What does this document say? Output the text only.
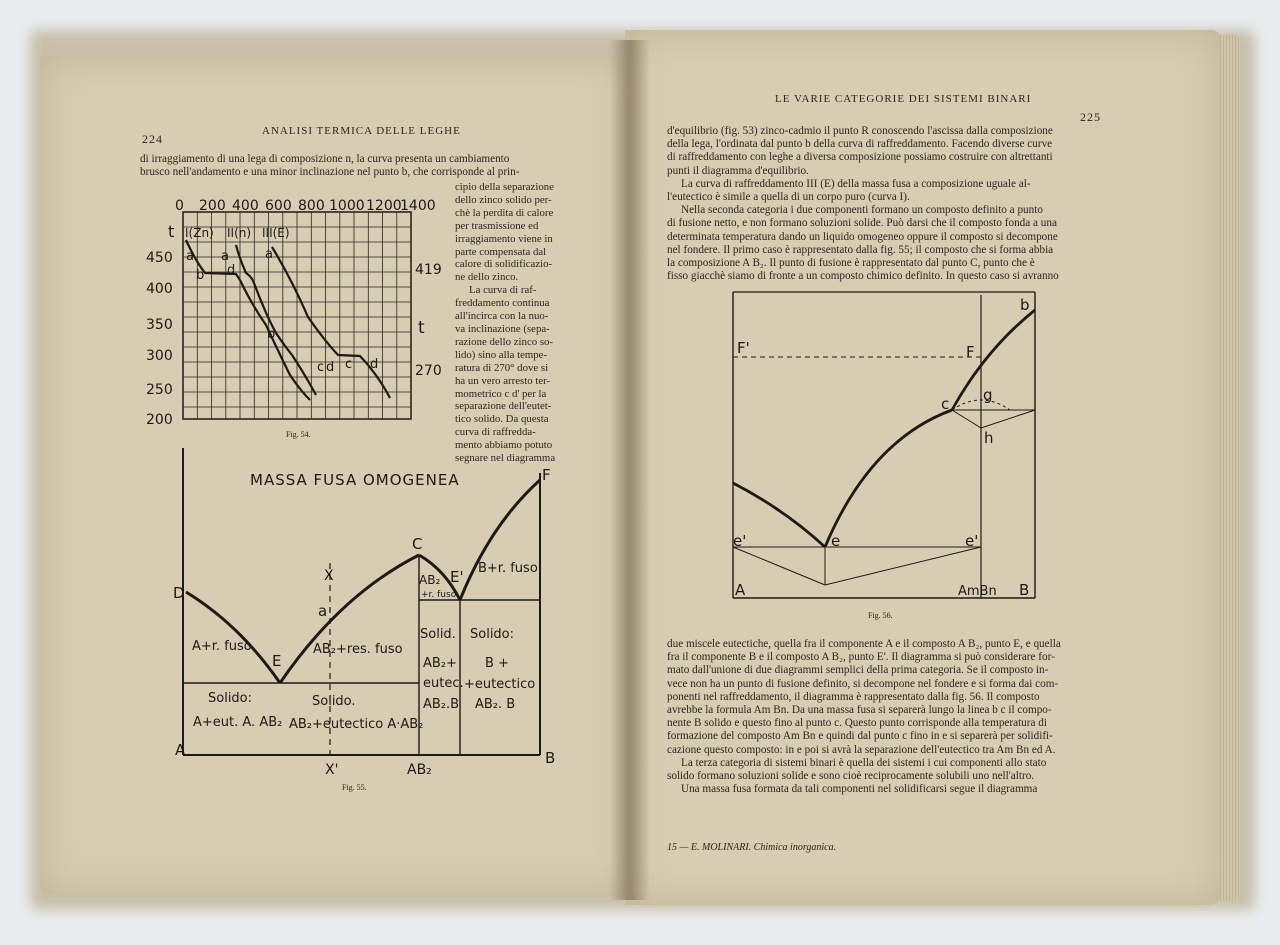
224
ANALISI TERMICA DELLE LEGHE

di irraggiamento di una lega di composizione n, la curva presenta un cambiamento

brusco nell'andamento e una minor inclinazione nel punto b, che corrisponde al prin-

cipio della separazione

dello zinco solido per-

chè la perdita di calore

per trasmissione ed

irraggiamento viene in

parte compensata dal

calore di solidificazio-

ne dello zinco.

La curva di raf-

freddamento continua

all'incirca con la nuo-

va inclinazione (sepa-

razione dello zinco so-

lido) sino alla tempe-

ratura di 270° dove si

ha un vero arresto ter-

mometrico c d' per la

separazione dell'eutet-

tico solido. Da questa

curva di raffredda-

mento abbiamo potuto

segnare nel diagramma

0 200 400 600 800 1000 1200
1400
t
450
400
350
300
250
200
419
t
270
I(Zn) II(n) III(E)
a
b
a
d
a
b
c d c d
Fig. 54.
MASSA FUSA OMOGENEA
D
E
C
E'
F
a
A	B
X
X'	AB₂
A+r. fuso	AB₂+res. fuso
AB₂
+r. fuso
B+r. fuso
Solid. Solido:
AB₂+
eutec.
AB₂.B
B +
+eutectico
AB₂. B
Solido:
A+eut. A. AB₂
Solido.
AB₂+eutectico A·AB₂
Fig. 55.
LE VARIE CATEGORIE DEI SISTEMI BINARI
225

d'equilibrio (fig. 53) zinco-cadmio il punto R conoscendo l'ascissa dalla composizione

della lega, l'ordinata dal punto b della curva di raffreddamento. Facendo diverse curve

di raffreddamento con leghe a diversa composizione possiamo costruire con altrettanti

punti il diagramma d'equilibrio.

La curva di raffreddamento III (E) della massa fusa a composizione uguale al-

l'eutectico è simile a quella di un corpo puro (curva I).

Nella seconda categoria i due componenti formano un composto definito a punto

di fusione netto, e non formano soluzioni solide. Può darsi che il composto fonda a una

determinata temperatura dando un liquido omogeneo oppure il composto si decompone

nel fondere. Il primo caso è rappresentato dalla fig. 55; il composto che si forma abbia

la composizione A B₂. Il punto di fusione è rappresentato dal punto C, punto che è

fisso giacchè siamo di fronte a un composto chimico definito. In questo caso si avranno

b
F'	F
g
c
h
e'	e	e'
A	AmBn B
Fig. 56.

due miscele eutectiche, quella fra il componente A e il composto A B₂, punto E, e quella

fra il componente B e il composto A B₂, punto E'. Il diagramma si può considerare for-

mato dall'unione di due diagrammi semplici della prima categoria. Se il composto in-

vece non ha un punto di fusione definito, si decompone nel fondere e si forma dai com-

ponenti nel raffreddamento, il diagramma è rappresentato dalla fig. 56. Il composto

avrebbe la formula Am Bn. Da una massa fusa si separerà lungo la linea b c il compo-

nente B solido e questo fino al punto c. Questo punto corrisponde alla temperatura di

formazione del composto Am Bn e quindi dal punto c fino in e si separerà per solidifi-

cazione questo composto: in e poi si avrà la separazione dell'eutectico tra Am Bn ed A.

La terza categoria di sistemi binari è quella dei sistemi i cui componenti allo stato

solido formano soluzioni solide e sono cioè reciprocamente solubili uno nell'altro.

Una massa fusa formata da tali componenti nel solidificarsi segue il diagramma

15 — E. MOLINARI. Chimica inorganica.
